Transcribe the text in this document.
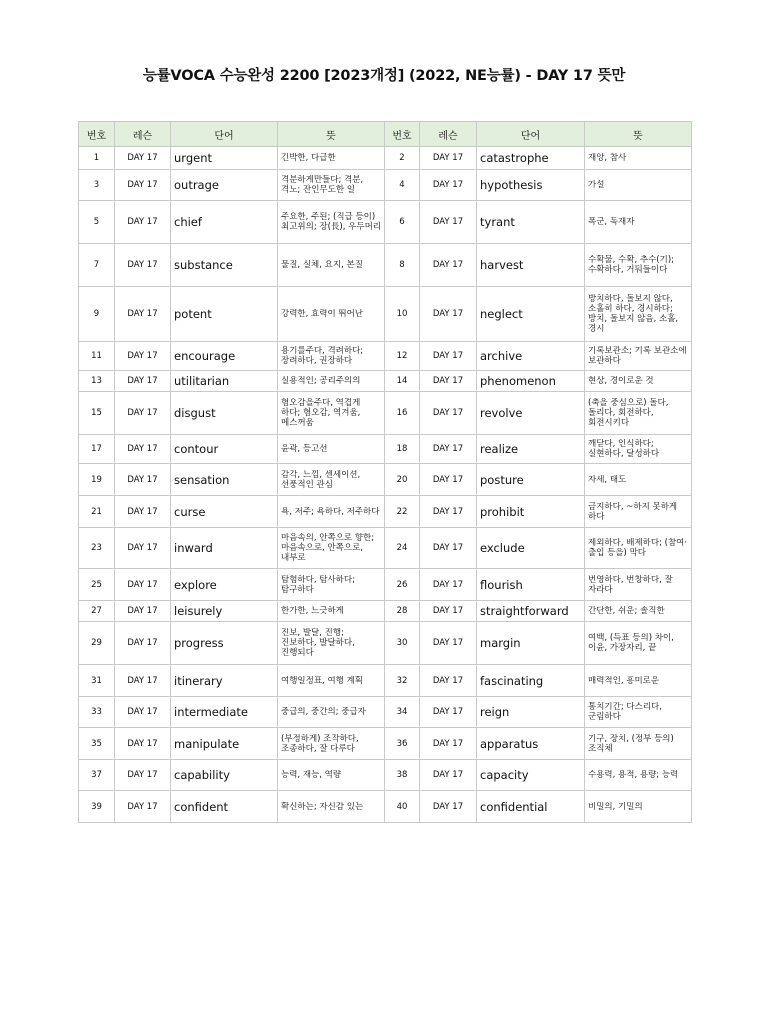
능률VOCA 수능완성 2200 [2023개정] (2022, NE능률) - DAY 17 뜻만
번호	레슨	단어	뜻	번호	레슨	단어	뜻
1	DAY 17	urgent	긴박한, 다급한	2	DAY 17	catastrophe	재앙, 참사

3	DAY 17	outrage	격분하게만들다; 격분, 격노; 잔인무도한 일	4	DAY 17	hypothesis	가설

5	DAY 17	chief	주요한, 주된; (직급 등이) 최고위의; 장(長), 우두머리	6	DAY 17	tyrant	폭군, 독재자

7	DAY 17	substance	물질, 실체, 요지, 본질	8	DAY 17	harvest	수확물, 수확, 추수(기); 수확하다, 거둬들이다

9	DAY 17	potent	강력한, 효력이 뛰어난	10	DAY 17	neglect	방치하다, 돌보지 않다, 소홀히 하다, 경시하다; 방치, 돌보지 않음, 소홀, 경시

11	DAY 17	encourage	용기를주다, 격려하다; 장려하다, 권장하다	12	DAY 17	archive	기록보관소; 기록 보관소에 보관하다

13	DAY 17	utilitarian	실용적인; 공리주의의	14	DAY 17	phenomenon	현상, 경이로운 것

15	DAY 17	disgust	혐오감을주다, 역겹게 하다; 혐오감, 역겨움, 메스꺼움	16	DAY 17	revolve	(축을 중심으로) 돌다, 돌리다, 회전하다, 회전시키다

17	DAY 17	contour	윤곽, 등고선	18	DAY 17	realize	깨닫다, 인식하다; 실현하다, 달성하다

19	DAY 17	sensation	감각, 느낌, 센세이션, 선풍적인 관심	20	DAY 17	posture	자세, 태도

21	DAY 17	curse	욕, 저주; 욕하다, 저주하다	22	DAY 17	prohibit	금지하다, ~하지 못하게 하다

23	DAY 17	inward	마음속의, 안쪽으로 향한; 마음속으로, 안쪽으로, 내부로	24	DAY 17	exclude	제외하다, 배제하다; (참여·출입 등을) 막다

25	DAY 17	explore	탐험하다, 탐사하다; 탐구하다	26	DAY 17	flourish	번영하다, 번창하다, 잘 자라다

27	DAY 17	leisurely	한가한, 느긋하게	28	DAY 17	straightforward	간단한, 쉬운; 솔직한

29	DAY 17	progress	진보, 발달, 진행; 진보하다, 발달하다, 진행되다	30	DAY 17	margin	여백, (득표 등의) 차이, 이윤, 가장자리, 끝

31	DAY 17	itinerary	여행일정표, 여행 계획	32	DAY 17	fascinating	매력적인, 흥미로운

33	DAY 17	intermediate	중급의, 중간의; 중급자	34	DAY 17	reign	통치기간; 다스리다, 군림하다

35	DAY 17	manipulate	(부정하게) 조작하다, 조종하다, 잘 다루다	36	DAY 17	apparatus	기구, 장치, (정부 등의) 조직체

37	DAY 17	capability	능력, 재능, 역량	38	DAY 17	capacity	수용력, 용적, 용량; 능력

39	DAY 17	confident	확신하는; 자신감 있는	40	DAY 17	confidential	비밀의, 기밀의
